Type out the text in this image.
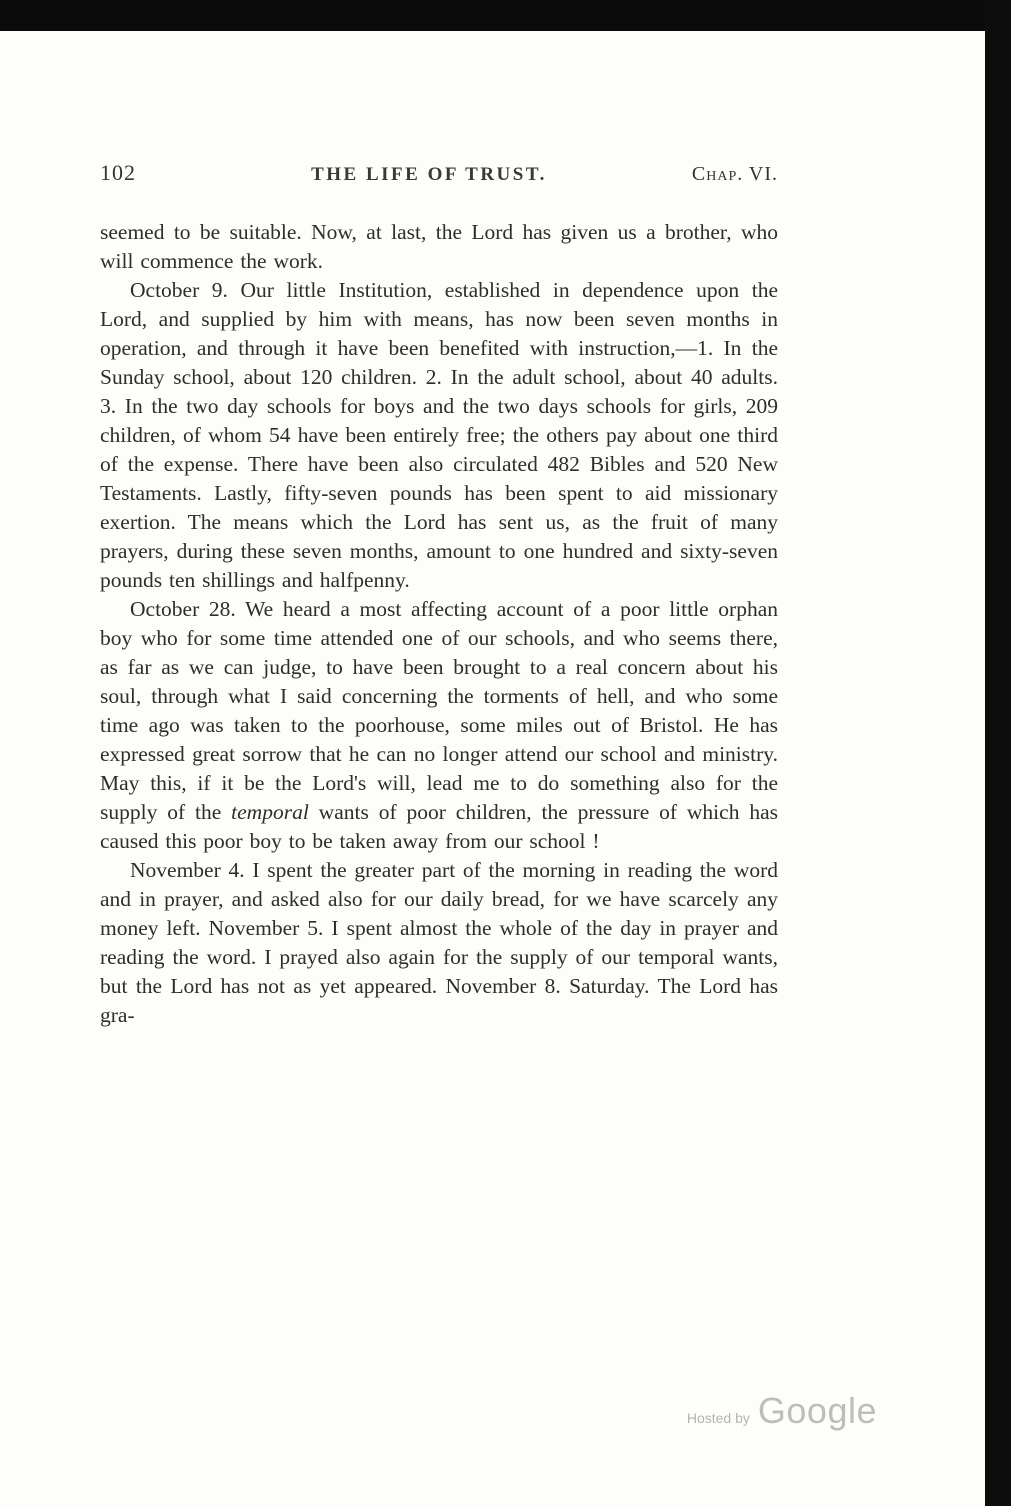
102	THE LIFE OF TRUST.	Chap. VI.

seemed to be suitable. Now, at last, the Lord has given us a brother, who will commence the work.

October 9. Our little Institution, established in dependence upon the Lord, and supplied by him with means, has now been seven months in operation, and through it have been benefited with instruction,—1. In the Sunday school, about 120 children. 2. In the adult school, about 40 adults. 3. In the two day schools for boys and the two days schools for girls, 209 children, of whom 54 have been entirely free; the others pay about one third of the expense. There have been also circulated 482 Bibles and 520 New Testaments. Lastly, fifty-seven pounds has been spent to aid missionary exertion. The means which the Lord has sent us, as the fruit of many prayers, during these seven months, amount to one hundred and sixty-seven pounds ten shillings and halfpenny.

October 28. We heard a most affecting account of a poor little orphan boy who for some time attended one of our schools, and who seems there, as far as we can judge, to have been brought to a real concern about his soul, through what I said concerning the torments of hell, and who some time ago was taken to the poorhouse, some miles out of Bristol. He has expressed great sorrow that he can no longer attend our school and ministry. May this, if it be the Lord's will, lead me to do something also for the supply of the temporal wants of poor children, the pressure of which has caused this poor boy to be taken away from our school !

November 4. I spent the greater part of the morning in reading the word and in prayer, and asked also for our daily bread, for we have scarcely any money left. November 5. I spent almost the whole of the day in prayer and reading the word. I prayed also again for the supply of our temporal wants, but the Lord has not as yet appeared. November 8. Saturday. The Lord has gra-

Hosted by Google
